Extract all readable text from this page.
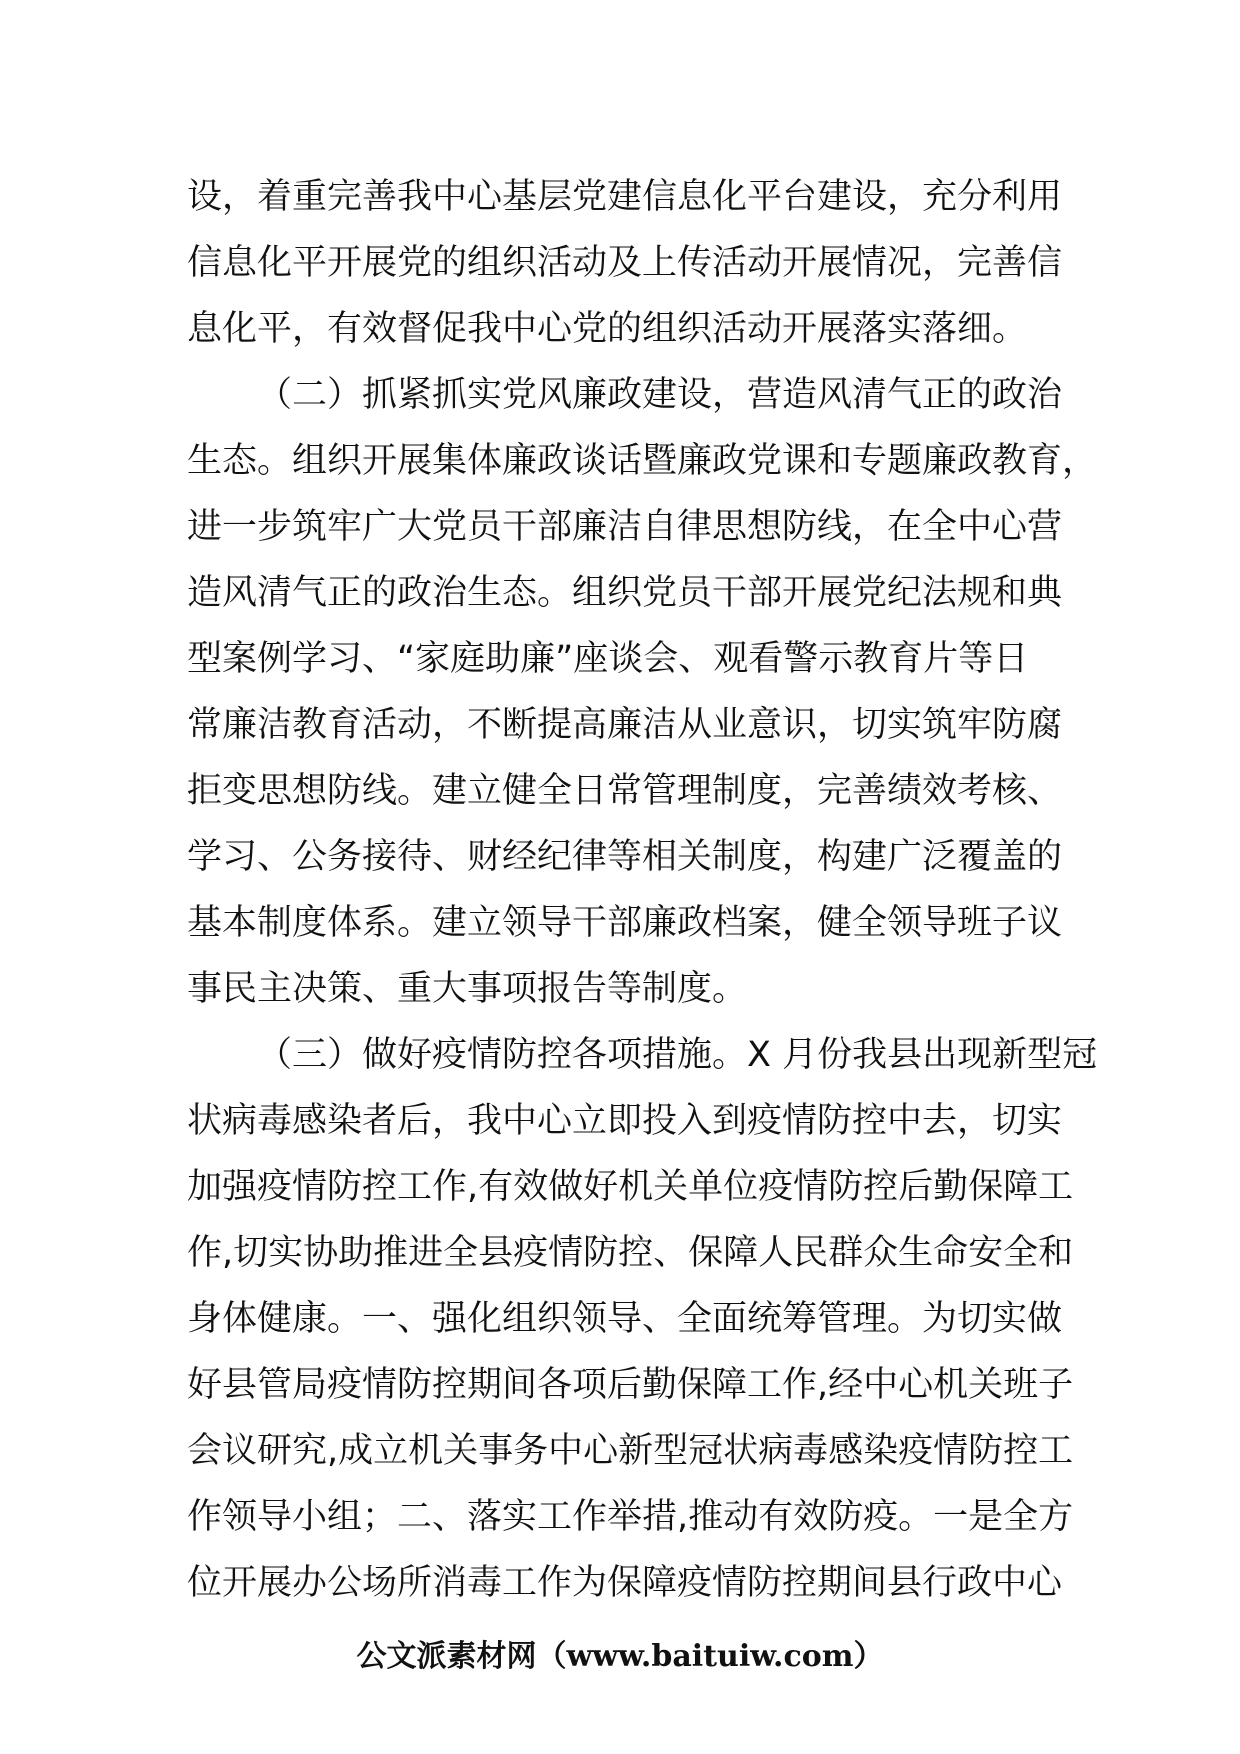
设，着重完善我中心基层党建信息化平台建设，充分利用
信息化平开展党的组织活动及上传活动开展情况，完善信
息化平，有效督促我中心党的组织活动开展落实落细。
（二）抓紧抓实党风廉政建设，营造风清气正的政治
生态。组织开展集体廉政谈话暨廉政党课和专题廉政教育，
进一步筑牢广大党员干部廉洁自律思想防线，在全中心营
造风清气正的政治生态。组织党员干部开展党纪法规和典
型案例学习、“家庭助廉”座谈会、观看警示教育片等日
常廉洁教育活动，不断提高廉洁从业意识，切实筑牢防腐
拒变思想防线。建立健全日常管理制度，完善绩效考核、
学习、公务接待、财经纪律等相关制度，构建广泛覆盖的
基本制度体系。建立领导干部廉政档案，健全领导班子议
事民主决策、重大事项报告等制度。
（三）做好疫情防控各项措施。X 月份我县出现新型冠
状病毒感染者后，我中心立即投入到疫情防控中去，切实
加强疫情防控工作,有效做好机关单位疫情防控后勤保障工
作,切实协助推进全县疫情防控、保障人民群众生命安全和
身体健康。一、强化组织领导、全面统筹管理。为切实做
好县管局疫情防控期间各项后勤保障工作,经中心机关班子
会议研究,成立机关事务中心新型冠状病毒感染疫情防控工
作领导小组；二、落实工作举措,推动有效防疫。一是全方
位开展办公场所消毒工作为保障疫情防控期间县行政中心
公文派素材网（www.baituiw.com）
